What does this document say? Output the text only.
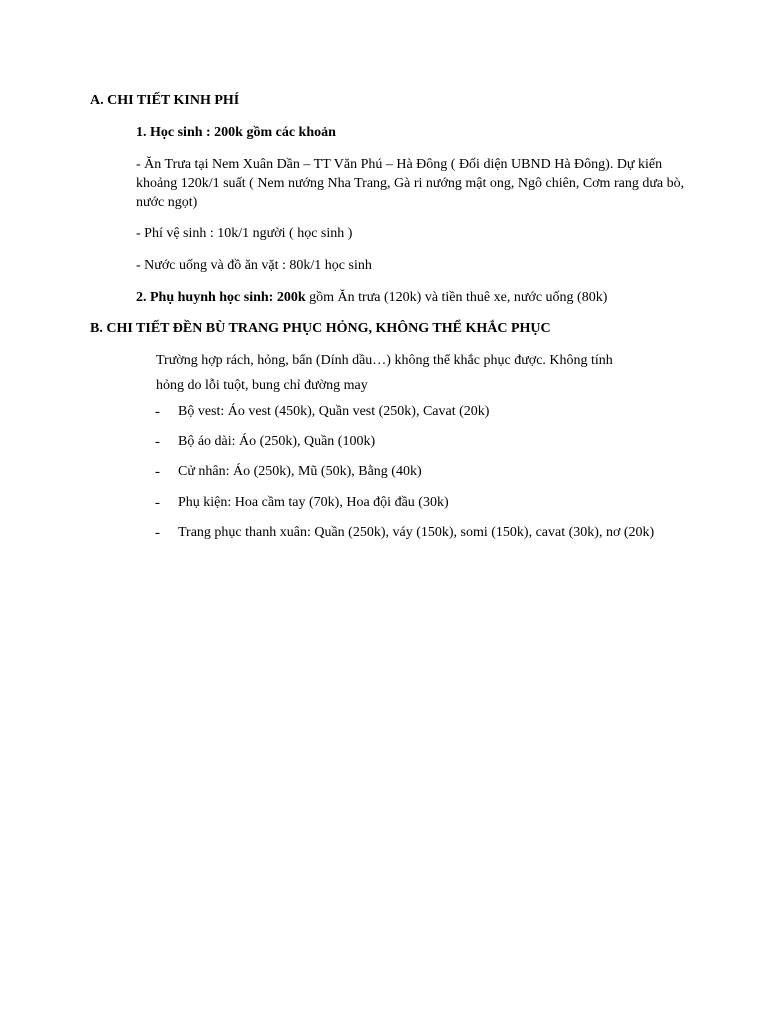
A. CHI TIẾT KINH PHÍ

1. Học sinh : 200k gồm các khoản

- Ăn Trưa tại Nem Xuân Dần – TT Văn Phú – Hà Đông ( Đối diện UBND Hà Đông). Dự kiến khoảng 120k/1 suất ( Nem nướng Nha Trang, Gà ri nướng mật ong, Ngô chiên, Cơm rang dưa bò, nước ngọt)

- Phí vệ sinh : 10k/1 người ( học sinh )

- Nước uống và đồ ăn vặt : 80k/1 học sinh

2. Phụ huynh học sinh: 200k gồm Ăn trưa (120k) và tiền thuê xe, nước uống (80k)

B. CHI TIẾT ĐỀN BÙ TRANG PHỤC HỎNG, KHÔNG THỂ KHẮC PHỤC

Trường hợp rách, hỏng, bẩn (Dính dầu…) không thể khắc phục được. Không tính

hỏng do lỗi tuột, bung chỉ đường may

- Bộ vest: Áo vest (450k), Quần vest (250k), Cavat (20k)
- Bộ áo dài: Áo (250k), Quần (100k)
- Cử nhân: Áo (250k), Mũ (50k), Bằng (40k)
- Phụ kiện: Hoa cầm tay (70k), Hoa đội đầu (30k)
- Trang phục thanh xuân: Quần (250k), váy (150k), somi (150k), cavat (30k), nơ (20k)
